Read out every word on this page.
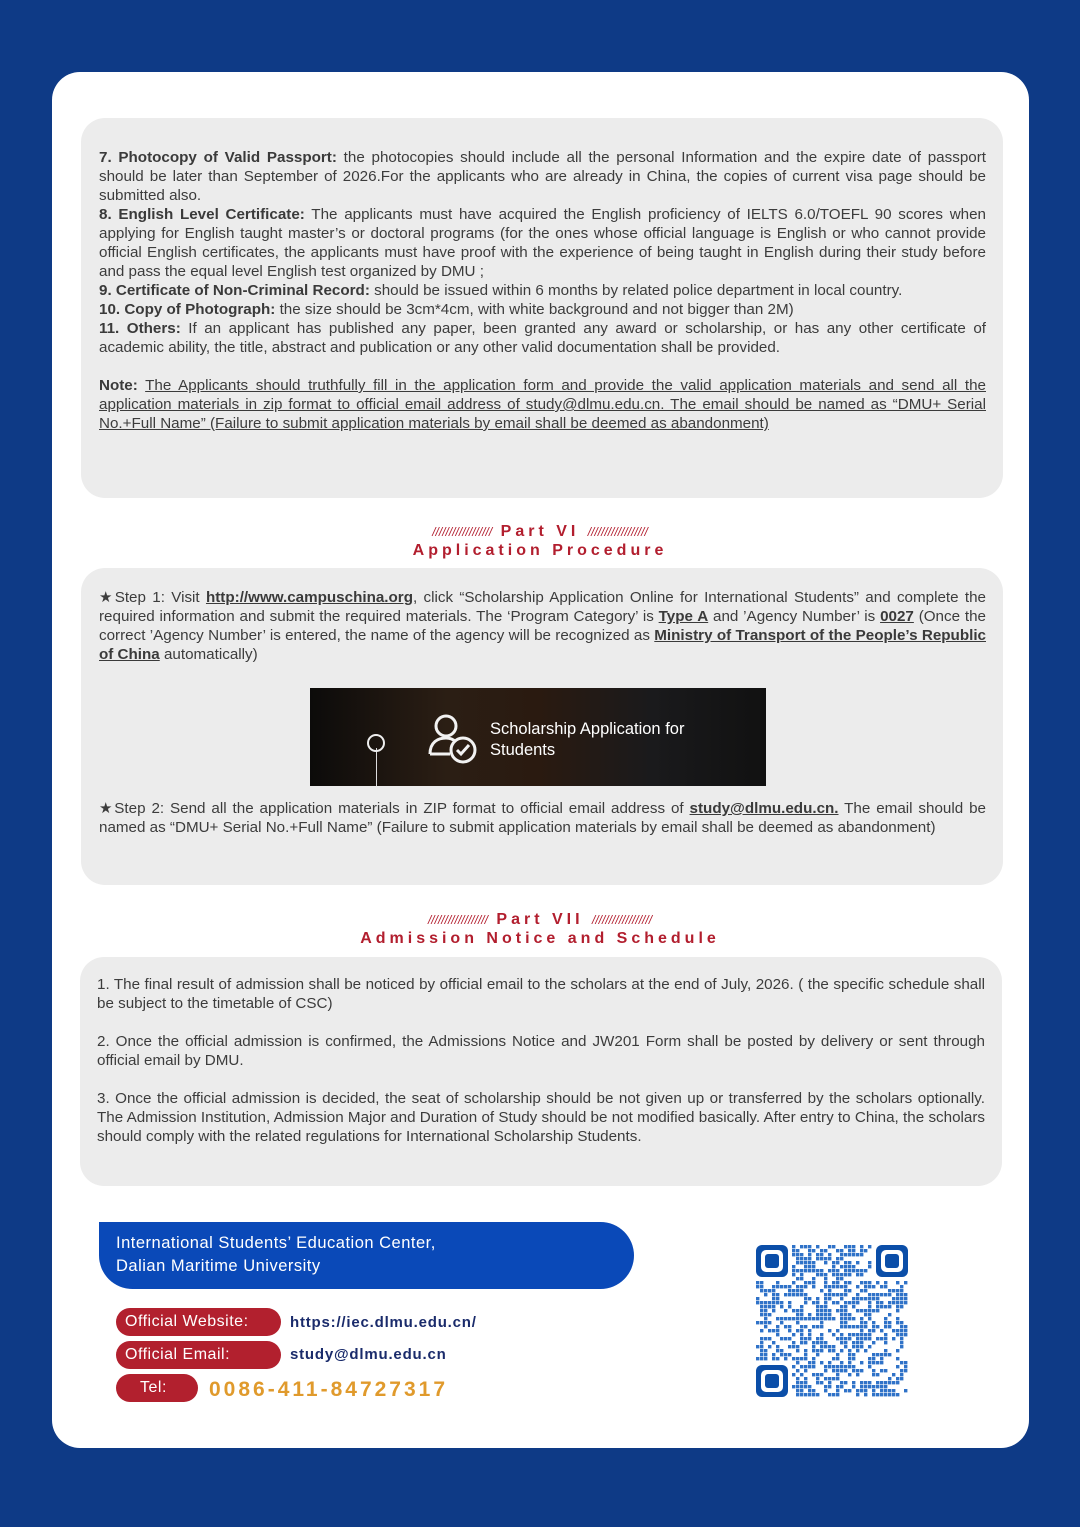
7. Photocopy of Valid Passport: the photocopies should include all the personal Information and the expire date of passport should be later than September of 2026.For the applicants who are already in China, the copies of current visa page should be submitted also.

8. English Level Certificate: The applicants must have acquired the English proficiency of IELTS 6.0/TOEFL 90 scores when applying for English taught master’s or doctoral programs (for the ones whose official language is English or who cannot provide official English certificates, the applicants must have proof with the experience of being taught in English during their study before and pass the equal level English test organized by DMU ;

9. Certificate of Non-Criminal Record: should be issued within 6 months by related police department in local country.

10. Copy of Photograph: the size should be 3cm*4cm, with white background and not bigger than 2M)

11. Others: If an applicant has published any paper, been granted any award or scholarship, or has any other certificate of academic ability, the title, abstract and publication or any other valid documentation shall be provided.

Note: The Applicants should truthfully fill in the application form and provide the valid application materials and send all the application materials in zip format to official email address of study@dlmu.edu.cn. The email should be named as “DMU+ Serial No.+Full Name” (Failure to submit application materials by email shall be deemed as abandonment)

////////////////// Part VI //////////////////
Application Procedure
★Step 1: Visit http://www.campuschina.org, click “Scholarship Application Online for International Students” and complete the required information and submit the required materials. The ‘Program Category’ is Type A and ’Agency Number’ is 0027 (Once the correct ’Agency Number’ is entered, the name of the agency will be recognized as Ministry of Transport of the People’s Republic of China automatically)
★Step 2: Send all the application materials in ZIP format to official email address of study@dlmu.edu.cn. The email should be named as “DMU+ Serial No.+Full Name” (Failure to submit application materials by email shall be deemed as abandonment)
Scholarship Application for Students
////////////////// Part VII //////////////////
Admission Notice and Schedule

1. The final result of admission shall be noticed by official email to the scholars at the end of July, 2026. ( the specific schedule shall be subject to the timetable of CSC)

2. Once the official admission is confirmed, the Admissions Notice and JW201 Form shall be posted by delivery or sent through official email by DMU.

3. Once the official admission is decided, the seat of scholarship should be not given up or transferred by the scholars optionally. The Admission Institution, Admission Major and Duration of Study should be not modified basically. After entry to China, the scholars should comply with the related regulations for International Scholarship Students.

International Students’ Education Center,
Dalian Maritime University
Official Website:	https://iec.dlmu.edu.cn/
Official Email:	study@dlmu.edu.cn
Tel:	0086-411-84727317
